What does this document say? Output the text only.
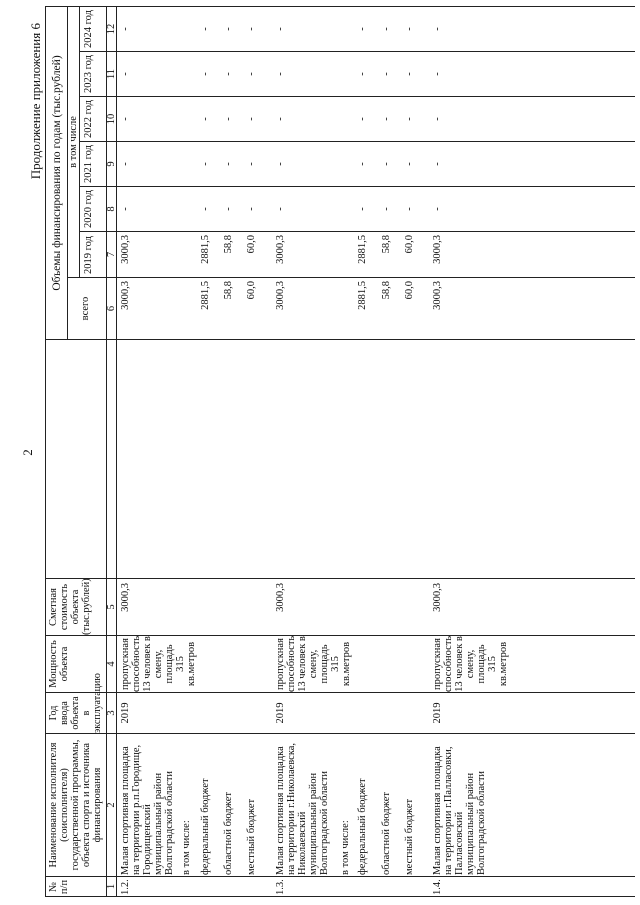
2
Продолжение приложения 6
№ п/п
Наименование исполнителя (соисполнителя) государственной программы, объекта спорта и источника финансирования
Год ввода объекта в эксплуатацию
Мощность объекта
Сметная стоимость объекта (тыс.рублей)
Объемы финансирования по годам (тыс.рублей)
всего
в том числе
2019 год
2020 год
2021 год
2022 год
2023 год
2024 год
1
2
3
4
5
6
7
8
9
10
11
12
1.2.
Малая спортивная площадка на территории р.п.Городище, Городищенский муниципальный район Волгоградской области
2019
пропускная способность 13 человек в смену, площадь 315 кв.метров
3000,3
3000,3
3000,3
-
-
-
-
-
в том числе: федеральный бюджет
2881,5
2881,5
-
-
-
-
-
областной бюджет
58,8
58,8
-
-
-
-
-
местный бюджет
60,0
60,0
-
-
-
-
-
1.3.
Малая спортивная площадка на территории г.Николаевска, Николаевский муниципальный район Волгоградской области
2019
пропускная способность 13 человек в смену, площадь 315 кв.метров
3000,3
3000,3
3000,3
-
-
-
-
-
в том числе: федеральный бюджет
2881,5
2881,5
-
-
-
-
-
областной бюджет
58,8
58,8
-
-
-
-
-
местный бюджет
60,0
60,0
-
-
-
-
-
1.4.
Малая спортивная площадка на территории г.Палласовки, Палласовский муниципальный район Волгоградской области
2019
пропускная способность 13 человек в смену, площадь 315 кв.метров
3000,3
3000,3
3000,3
-
-
-
-
-
